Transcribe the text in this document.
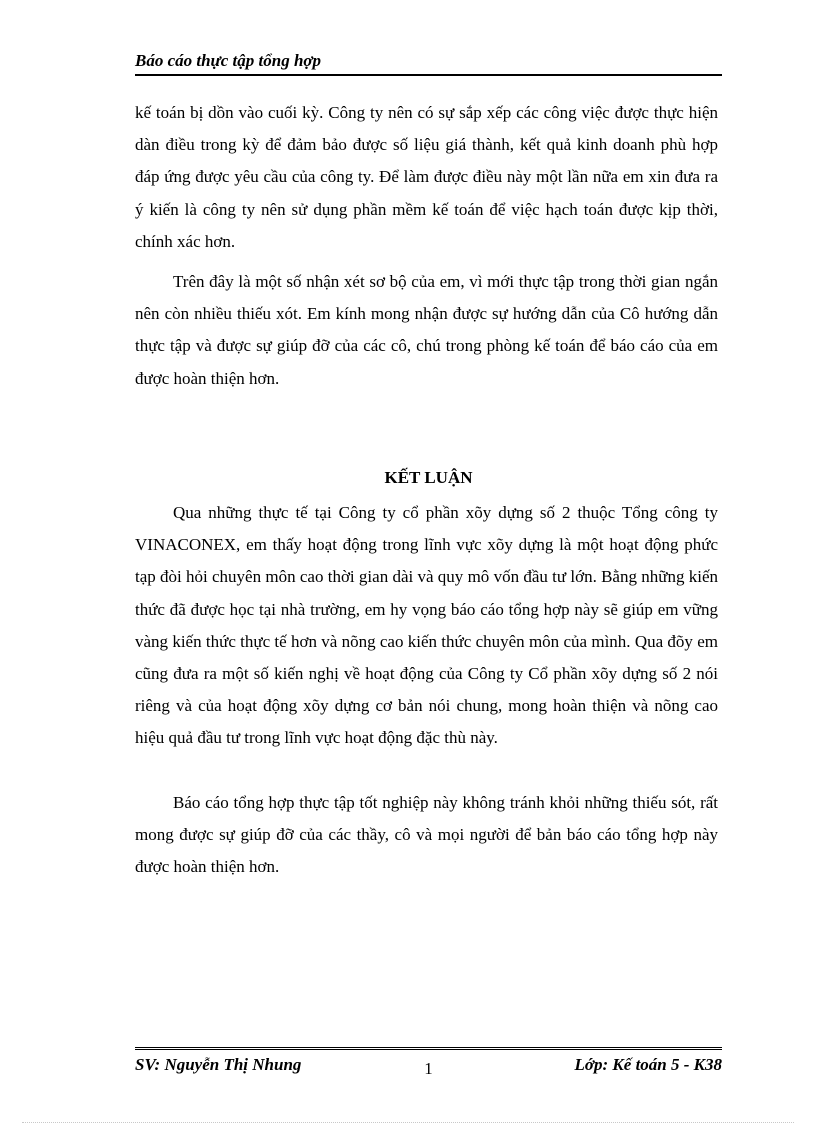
Báo cáo thực tập tổng hợp

kế toán bị dồn vào cuối kỳ. Công ty nên có sự sắp xếp các công việc được thực hiện dàn điều trong kỳ để đảm bảo được số liệu giá thành, kết quả kinh doanh phù hợp đáp ứng được yêu cầu của công ty. Để làm được điều này một lần nữa em xin đưa ra ý kiến là công ty nên sử dụng phần mềm kế toán để việc hạch toán được kịp thời, chính xác hơn.

Trên đây là một số nhận xét sơ bộ của em, vì mới thực tập trong thời gian ngắn nên còn nhiều thiếu xót. Em kính mong nhận được sự hướng dẫn của Cô hướng dẫn thực tập và được sự giúp đỡ của các cô, chú trong phòng kế toán để báo cáo của em được hoàn thiện hơn.

KẾT LUẬN

Qua những thực tế tại Công ty cổ phần xõy dựng số 2 thuộc Tổng công ty VINACONEX, em thấy hoạt động trong lĩnh vực xõy dựng là một hoạt động phức tạp đòi hỏi chuyên môn cao thời gian dài và quy mô vốn đầu tư lớn. Bằng những kiến thức đã được học tại nhà trường, em hy vọng báo cáo tổng hợp này sẽ giúp em vững vàng kiến thức thực tế hơn và nõng cao kiến thức chuyên môn của mình. Qua đõy em cũng đưa ra một số kiến nghị về hoạt động của Công ty Cổ phần xõy dựng số 2 nói riêng và của hoạt động xõy dựng cơ bản nói chung, mong hoàn thiện và nõng cao hiệu quả đầu tư trong lĩnh vực hoạt động đặc thù này.

Báo cáo tổng hợp thực tập tốt nghiệp này không tránh khỏi những thiếu sót, rất mong được sự giúp đỡ của các thầy, cô và mọi người để bản báo cáo tổng hợp này được hoàn thiện hơn.

SV: Nguyễn Thị Nhung	1	Lớp: Kế toán 5 - K38
